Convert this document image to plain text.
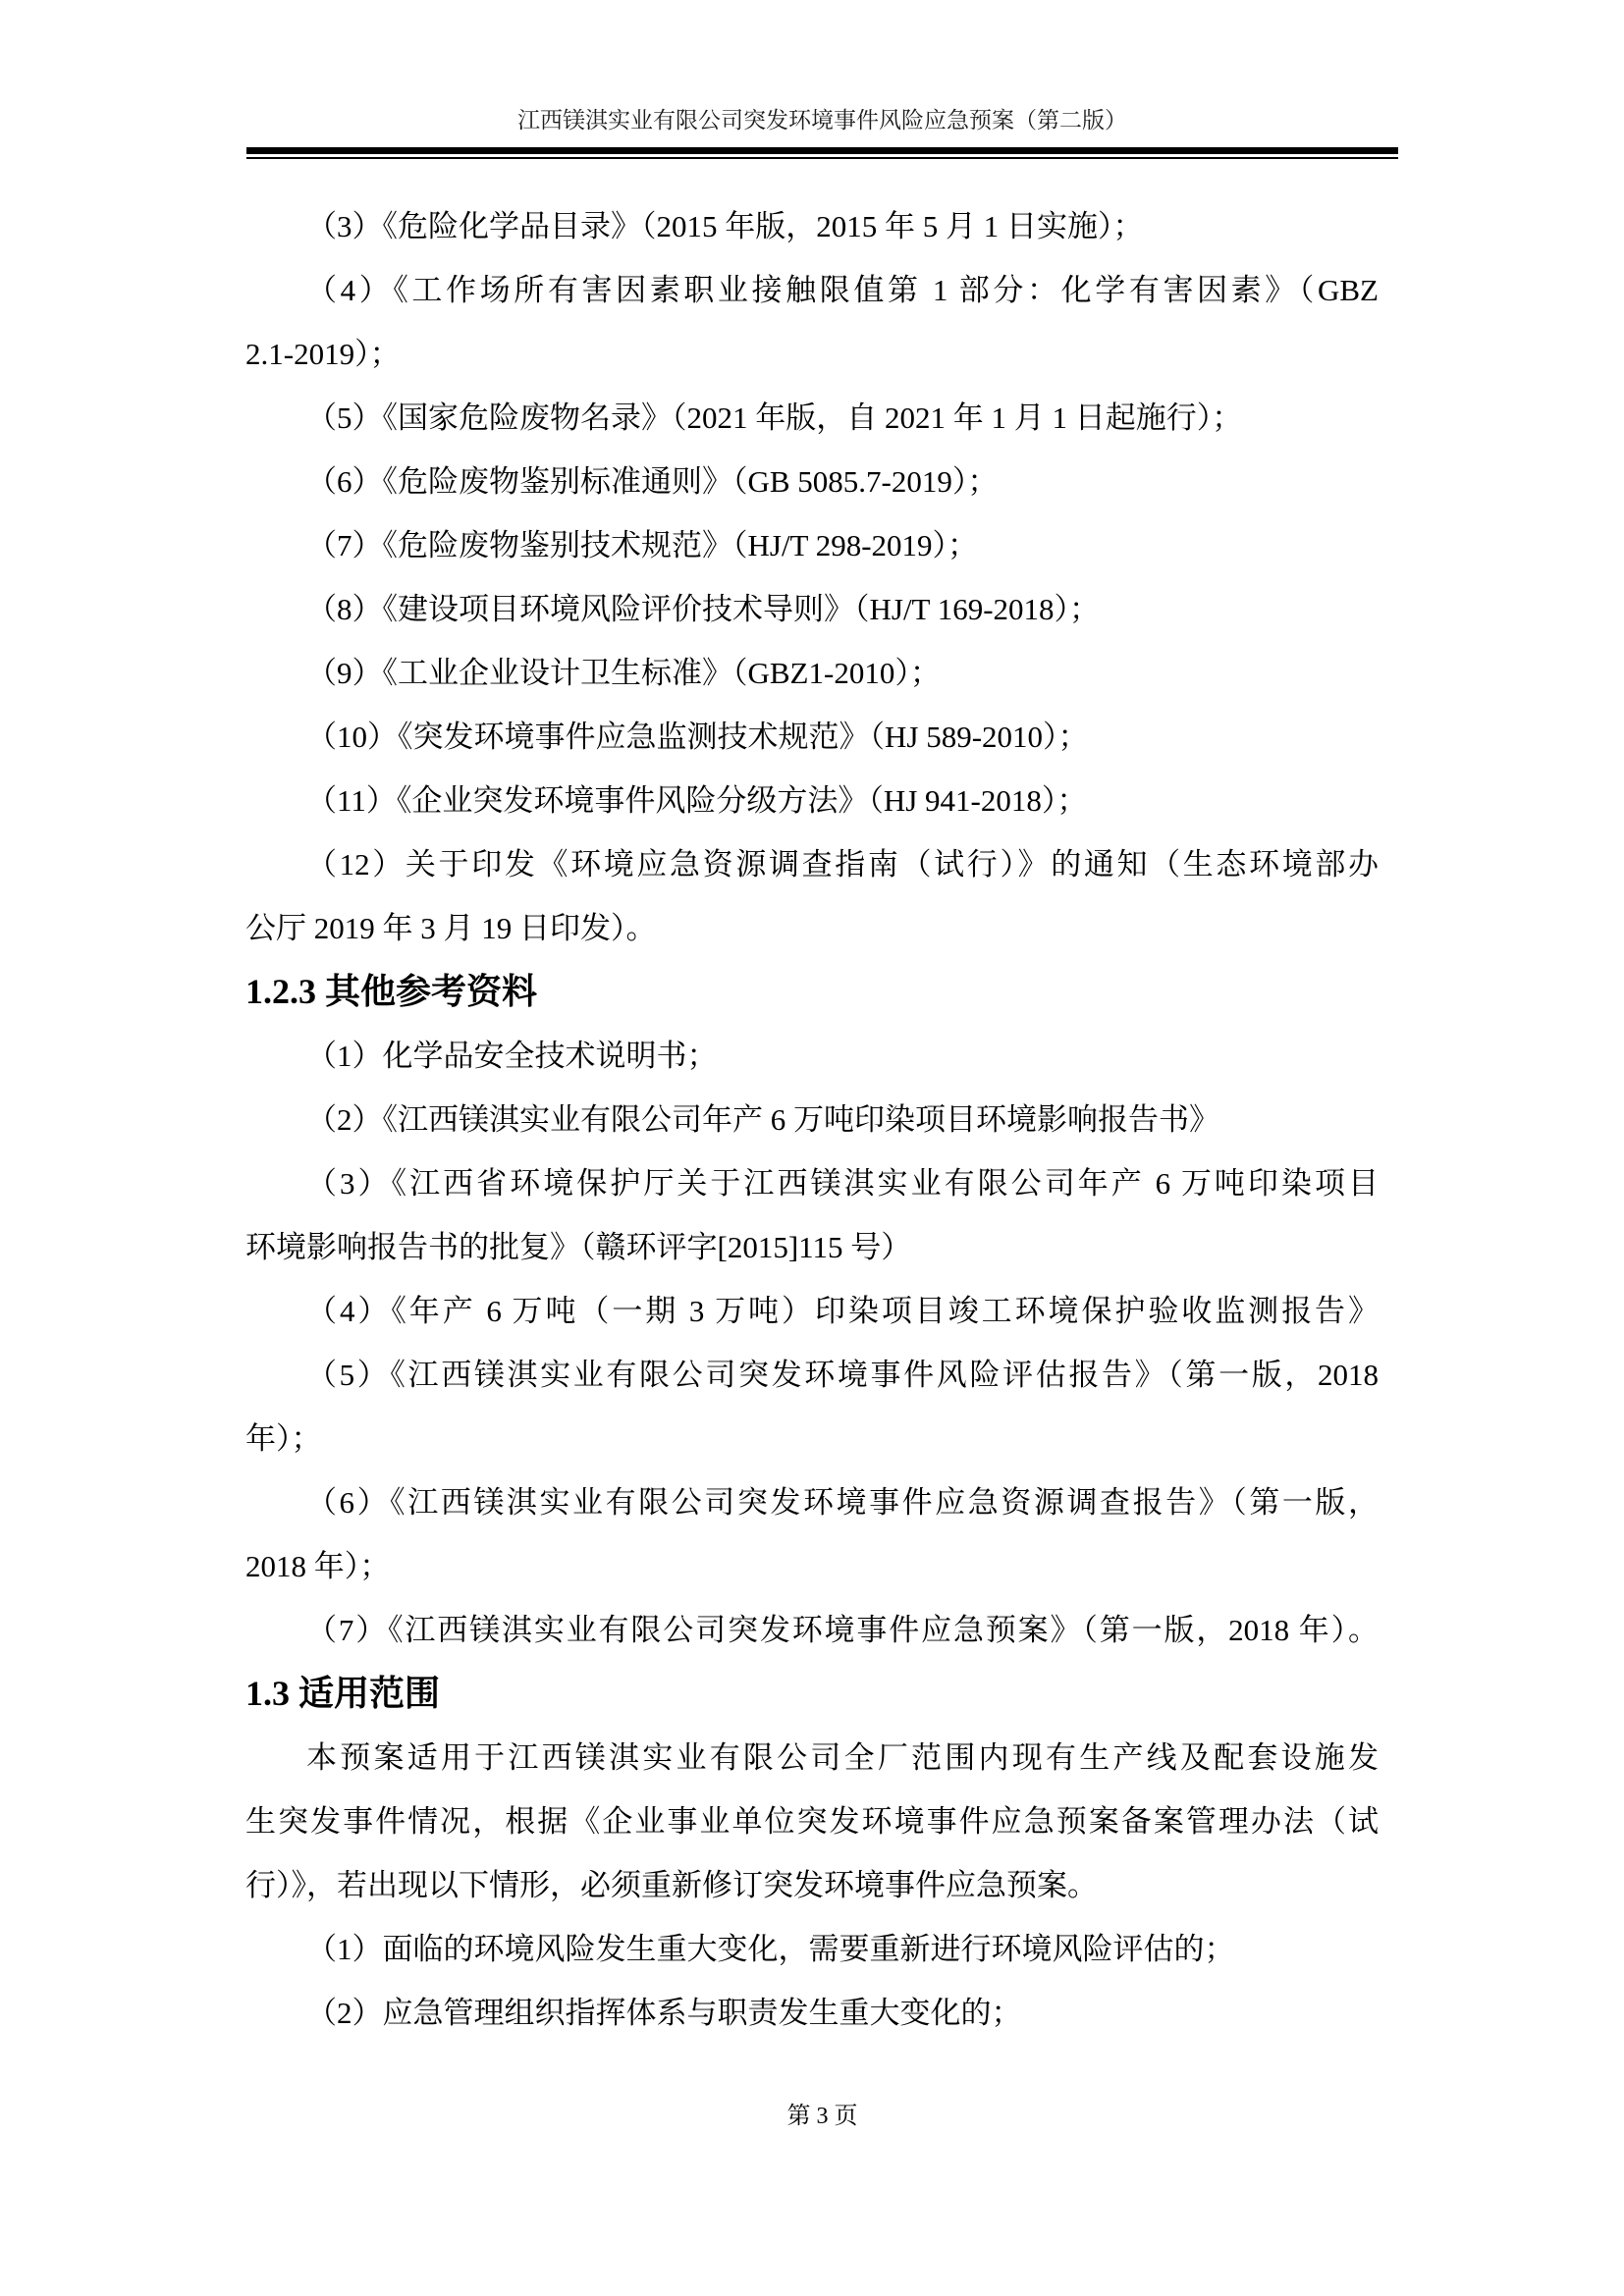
江西镁淇实业有限公司突发环境事件风险应急预案（第二版）
（3）《危险化学品目录》（2015 年版，2015 年 5 月 1 日实施）；
（4）《工作场所有害因素职业接触限值第 1 部分：化学有害因素》（GBZ
2.1-2019）；
（5）《国家危险废物名录》（2021 年版，自 2021 年 1 月 1 日起施行）；
（6）《危险废物鉴别标准通则》（GB 5085.7-2019）；
（7）《危险废物鉴别技术规范》（HJ/T 298-2019）；
（8）《建设项目环境风险评价技术导则》（HJ/T 169-2018）；
（9）《工业企业设计卫生标准》（GBZ1-2010）；
（10）《突发环境事件应急监测技术规范》（HJ 589-2010）；
（11）《企业突发环境事件风险分级方法》（HJ 941-2018）；
（12）关于印发《环境应急资源调查指南（试行）》的通知（生态环境部办
公厅 2019 年 3 月 19 日印发）。
1.2.3 其他参考资料
（1）化学品安全技术说明书；
（2）《江西镁淇实业有限公司年产 6 万吨印染项目环境影响报告书》
（3）《江西省环境保护厅关于江西镁淇实业有限公司年产 6 万吨印染项目
环境影响报告书的批复》（赣环评字[2015]115 号）
（4）《年产 6 万吨（一期 3 万吨）印染项目竣工环境保护验收监测报告》
（5）《江西镁淇实业有限公司突发环境事件风险评估报告》（第一版，2018
年）；
（6）《江西镁淇实业有限公司突发环境事件应急资源调查报告》（第一版，
2018 年）；
（7）《江西镁淇实业有限公司突发环境事件应急预案》（第一版，2018 年）。
1.3 适用范围
本预案适用于江西镁淇实业有限公司全厂范围内现有生产线及配套设施发
生突发事件情况，根据《企业事业单位突发环境事件应急预案备案管理办法（试
行）》，若出现以下情形，必须重新修订突发环境事件应急预案。
（1）面临的环境风险发生重大变化，需要重新进行环境风险评估的；
（2）应急管理组织指挥体系与职责发生重大变化的；
第 3 页
